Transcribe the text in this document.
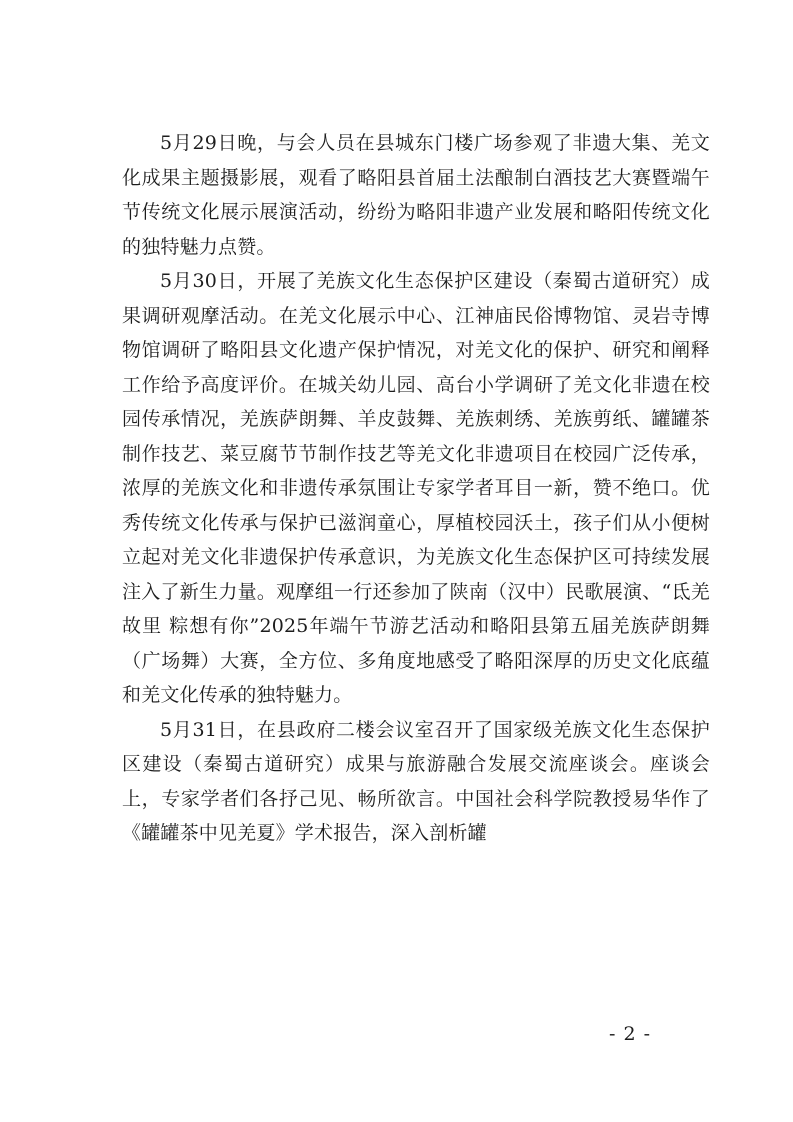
5月29日晚，与会人员在县城东门楼广场参观了非遗大集、羌文化成果主题摄影展，观看了略阳县首届土法酿制白酒技艺大赛暨端午节传统文化展示展演活动，纷纷为略阳非遗产业发展和略阳传统文化的独特魅力点赞。

5月30日，开展了羌族文化生态保护区建设（秦蜀古道研究）成果调研观摩活动。在羌文化展示中心、江神庙民俗博物馆、灵岩寺博物馆调研了略阳县文化遗产保护情况，对羌文化的保护、研究和阐释工作给予高度评价。在城关幼儿园、高台小学调研了羌文化非遗在校园传承情况，羌族萨朗舞、羊皮鼓舞、羌族刺绣、羌族剪纸、罐罐茶制作技艺、菜豆腐节节制作技艺等羌文化非遗项目在校园广泛传承，浓厚的羌族文化和非遗传承氛围让专家学者耳目一新，赞不绝口。优秀传统文化传承与保护已滋润童心，厚植校园沃土，孩子们从小便树立起对羌文化非遗保护传承意识，为羌族文化生态保护区可持续发展注入了新生力量。观摩组一行还参加了陕南（汉中）民歌展演、“氐羌故里 粽想有你”2025年端午节游艺活动和略阳县第五届羌族萨朗舞（广场舞）大赛，全方位、多角度地感受了略阳深厚的历史文化底蕴和羌文化传承的独特魅力。

5月31日，在县政府二楼会议室召开了国家级羌族文化生态保护区建设（秦蜀古道研究）成果与旅游融合发展交流座谈会。座谈会上，专家学者们各抒己见、畅所欲言。中国社会科学院教授易华作了《罐罐茶中见羌夏》学术报告，深入剖析罐

- 2 -
